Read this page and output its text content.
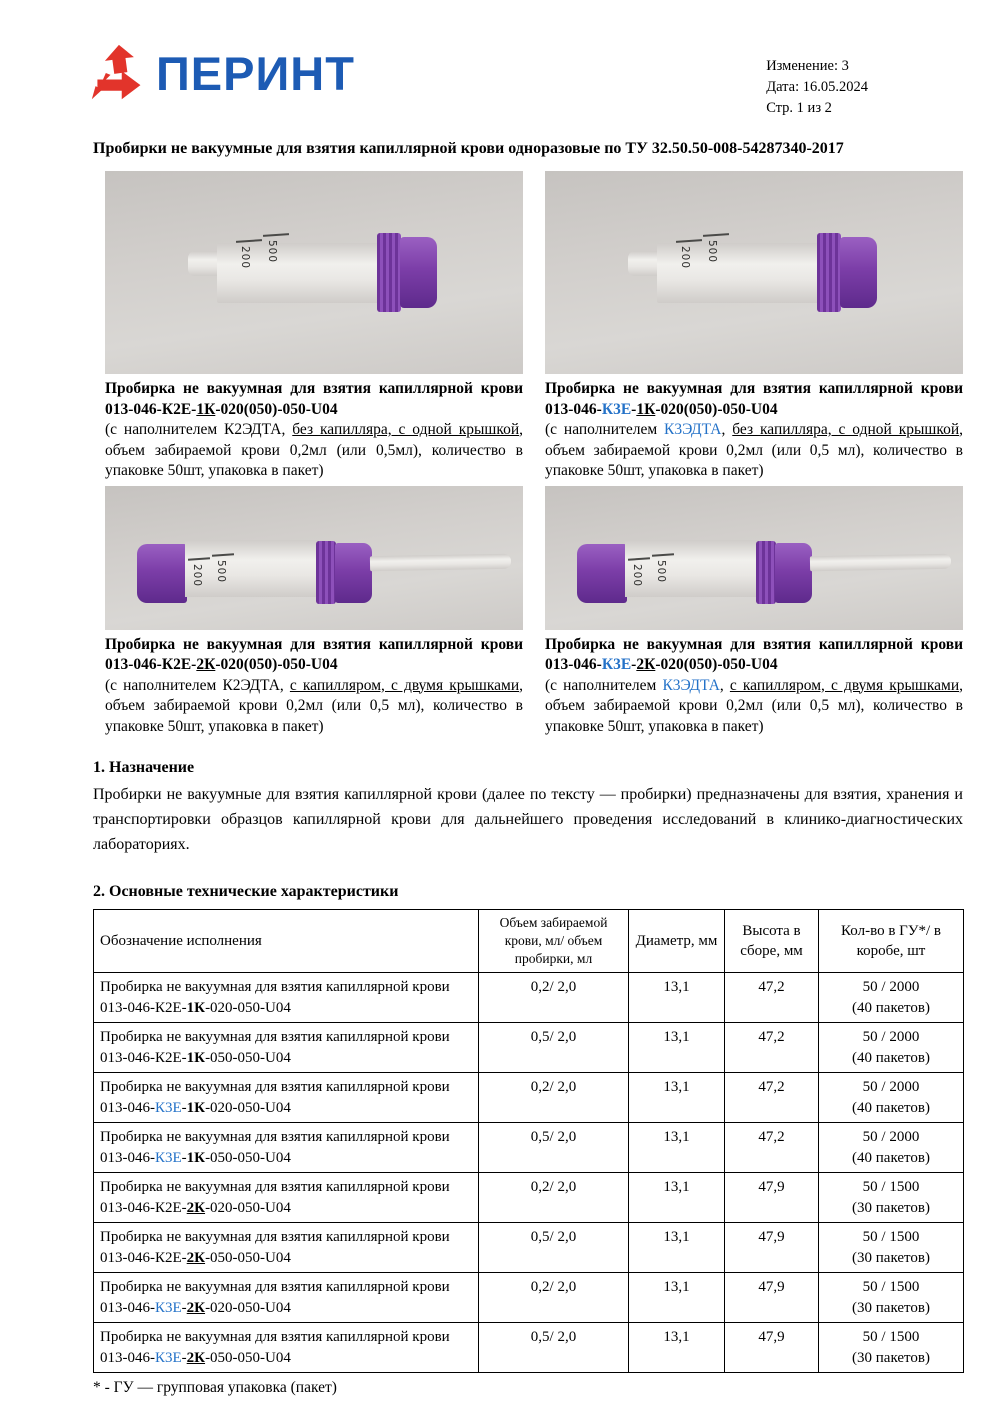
ПЕРИНТ	Изменение: 3
Дата: 16.05.2024
Стр. 1 из 2
Пробирки не вакуумные для взятия капиллярной крови одноразовые по ТУ 32.50.50-008-54287340-2017
200 500	200 500

Пробирка не вакуумная для взятия капиллярной крови 013-046-К2Е-1К-020(050)-050-U04

(с наполнителем К2ЭДТА, без капилляра, с одной крышкой, объем забираемой крови 0,2мл (или 0,5мл), количество в упаковке 50шт, упаковка в пакет)

Пробирка не вакуумная для взятия капиллярной крови 013-046-К3Е-1К-020(050)-050-U04

(с наполнителем К3ЭДТА, без капилляра, с одной крышкой, объем забираемой крови 0,2мл (или 0,5 мл), количество в упаковке 50шт, упаковка в пакет)

200 500	200 500

Пробирка не вакуумная для взятия капиллярной крови 013-046-К2Е-2К-020(050)-050-U04

(с наполнителем К2ЭДТА, с капилляром, с двумя крышками, объем забираемой крови 0,2мл (или 0,5 мл), количество в упаковке 50шт, упаковка в пакет)

Пробирка не вакуумная для взятия капиллярной крови 013-046-К3Е-2К-020(050)-050-U04

(с наполнителем К3ЭДТА, с капилляром, с двумя крышками, объем забираемой крови 0,2мл (или 0,5 мл), количество в упаковке 50шт, упаковка в пакет)

1. Назначение
Пробирки не вакуумные для взятия капиллярной крови (далее по тексту — пробирки) предназначены для взятия, хранения и транспортировки образцов капиллярной крови для дальнейшего проведения исследований в клинико-диагностических лабораториях.
2. Основные технические характеристики
Обозначение исполнения	Объем забираемой крови, мл/ объем пробирки, мл	Диаметр, мм	Высота в сборе, мм	Кол-во в ГУ*/ в коробе, шт
Пробирка не вакуумная для взятия капиллярной крови 013-046-К2Е-1К-020-050-U04	0,2/ 2,0	13,1	47,2	50 / 2000
(40 пакетов)

Пробирка не вакуумная для взятия капиллярной крови 013-046-К2Е-1К-050-050-U04	0,5/ 2,0	13,1	47,2	50 / 2000
(40 пакетов)

Пробирка не вакуумная для взятия капиллярной крови 013-046-К3Е-1К-020-050-U04	0,2/ 2,0	13,1	47,2	50 / 2000
(40 пакетов)

Пробирка не вакуумная для взятия капиллярной крови 013-046-К3Е-1К-050-050-U04	0,5/ 2,0	13,1	47,2	50 / 2000
(40 пакетов)

Пробирка не вакуумная для взятия капиллярной крови 013-046-К2Е-2К-020-050-U04	0,2/ 2,0	13,1	47,9	50 / 1500
(30 пакетов)

Пробирка не вакуумная для взятия капиллярной крови 013-046-К2Е-2К-050-050-U04	0,5/ 2,0	13,1	47,9	50 / 1500
(30 пакетов)

Пробирка не вакуумная для взятия капиллярной крови 013-046-К3Е-2К-020-050-U04	0,2/ 2,0	13,1	47,9	50 / 1500
(30 пакетов)

Пробирка не вакуумная для взятия капиллярной крови 013-046-К3Е-2К-050-050-U04	0,5/ 2,0	13,1	47,9	50 / 1500
(30 пакетов)
* - ГУ — групповая упаковка (пакет)
